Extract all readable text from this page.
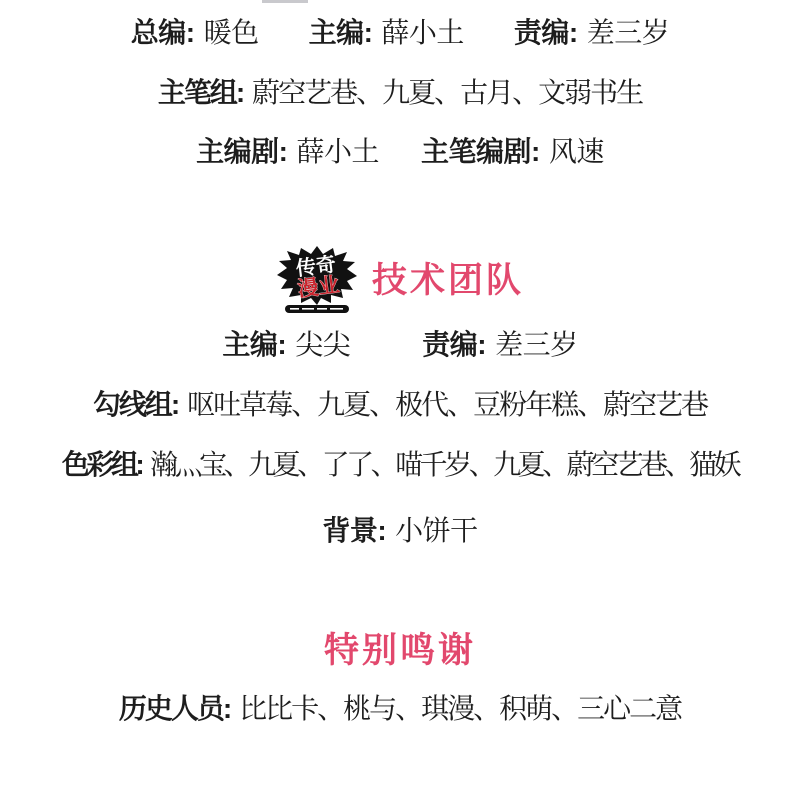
总编: 暖色 主编: 薛小土 责编: 差三岁
主笔组: 蔚空艺巷、九夏、古月、文弱书生
主编剧: 薛小土 主笔编剧: 风速
传奇
漫业 技术团队
主编: 尖尖	责编: 差三岁
勾线组: 呕吐草莓、九夏、极代、豆粉年糕、蔚空艺巷
色彩组: 瀚灬宝、九夏、了了、喵千岁、九夏、蔚空艺巷、猫妖
背景: 小饼干
特别鸣谢
历史人员: 比比卡、桃与、琪漫、积萌、三心二意
